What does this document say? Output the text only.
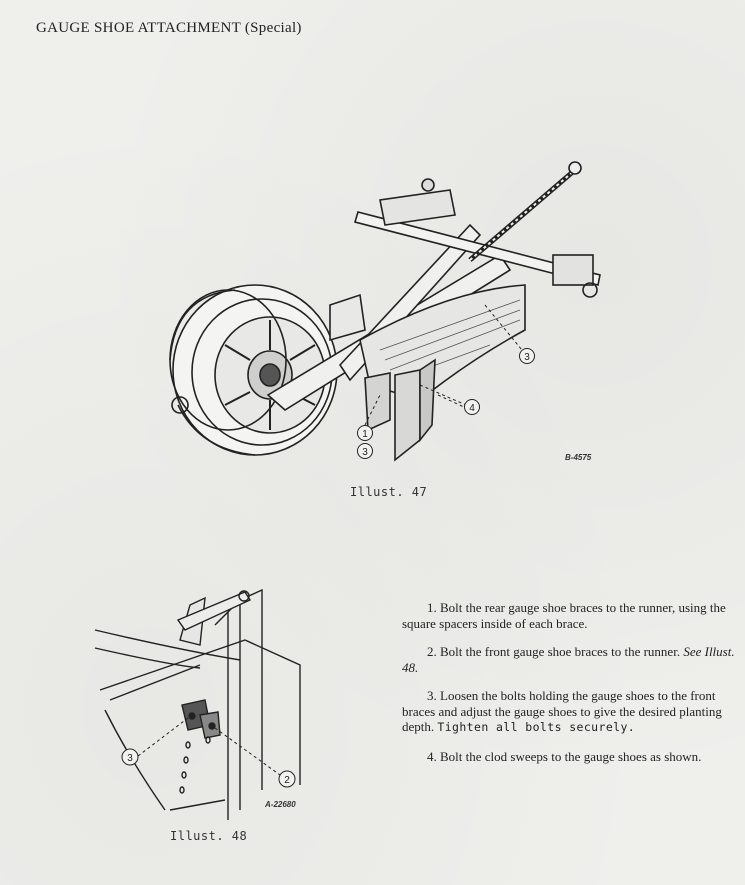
GAUGE SHOE ATTACHMENT (Special)
1
3
3
4
B-4575
Illust. 47
3
2
A-22680
Illust. 48

1. Bolt the rear gauge shoe braces to the runner, using the square spacers inside of each brace.

2. Bolt the front gauge shoe braces to the runner. See Illust. 48.

3. Loosen the bolts holding the gauge shoes to the front braces and adjust the gauge shoes to give the desired planting depth. Tighten all bolts securely.

4. Bolt the clod sweeps to the gauge shoes as shown.
